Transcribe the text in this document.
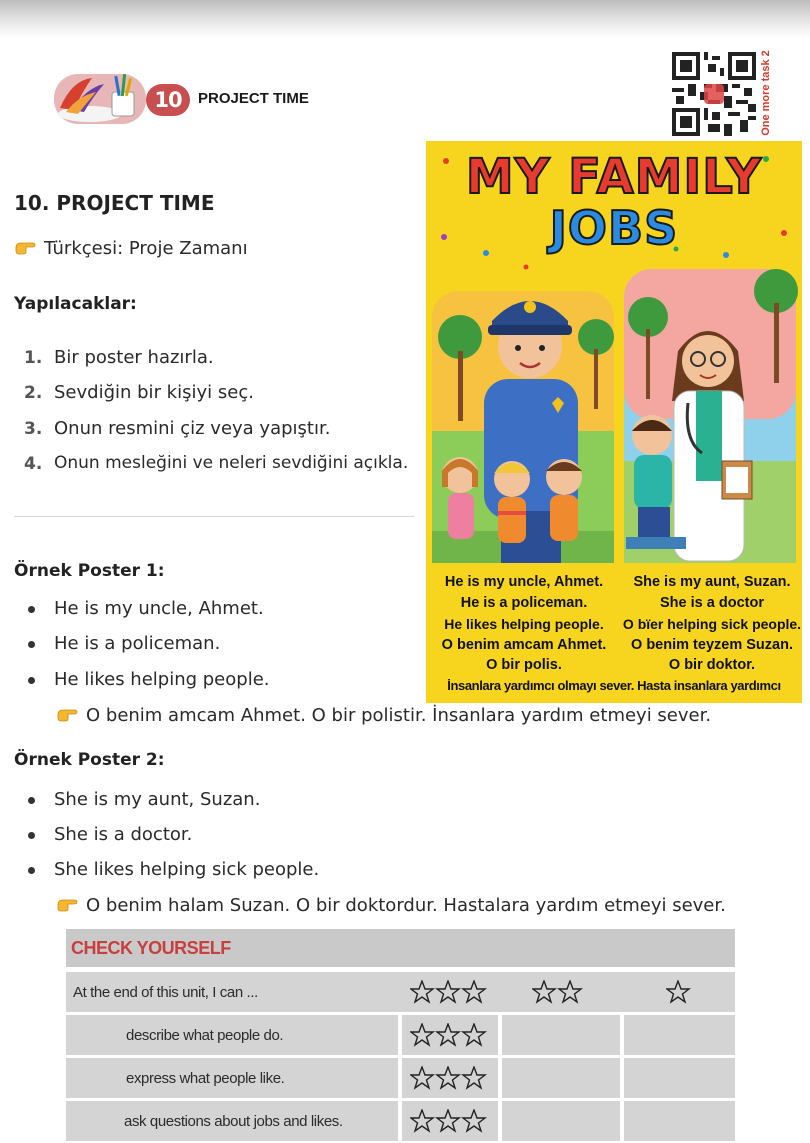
10	PROJECT TIME	One more task 2
10. PROJECT TIME
Türkçesi: Proje Zamanı
Yapılacaklar:
1. Bir poster hazırla.
2. Sevdiğin bir kişiyi seç.
3. Onun resmini çiz veya yapıştır.
4. Onun mesleğini ve neleri sevdiğini açıkla.
Örnek Poster 1:
He is my uncle, Ahmet.
He is a policeman.
He likes helping people.
O benim amcam Ahmet. O bir polistir. İnsanlara yardım etmeyi sever.
Örnek Poster 2:
She is my aunt, Suzan.
She is a doctor.
She likes helping sick people.
O benim halam Suzan. O bir doktordur. Hastalara yardım etmeyi sever.
MY FAMILY
JOBS
He is my uncle, Ahmet.
He is a policeman.
He likes helping people.
O benim amcam Ahmet.
O bir polis.
She is my aunt, Suzan.
She is a doctor
O bïer helping sick people.
O benim teyzem Suzan.
O bir doktor.
İnsanlara yardımcı olmayı sever. Hasta insanlara yardımcı
CHECK YOURSELF
At the end of this unit, I can ...
describe what people do.
express what people like.
ask questions about jobs and likes.
